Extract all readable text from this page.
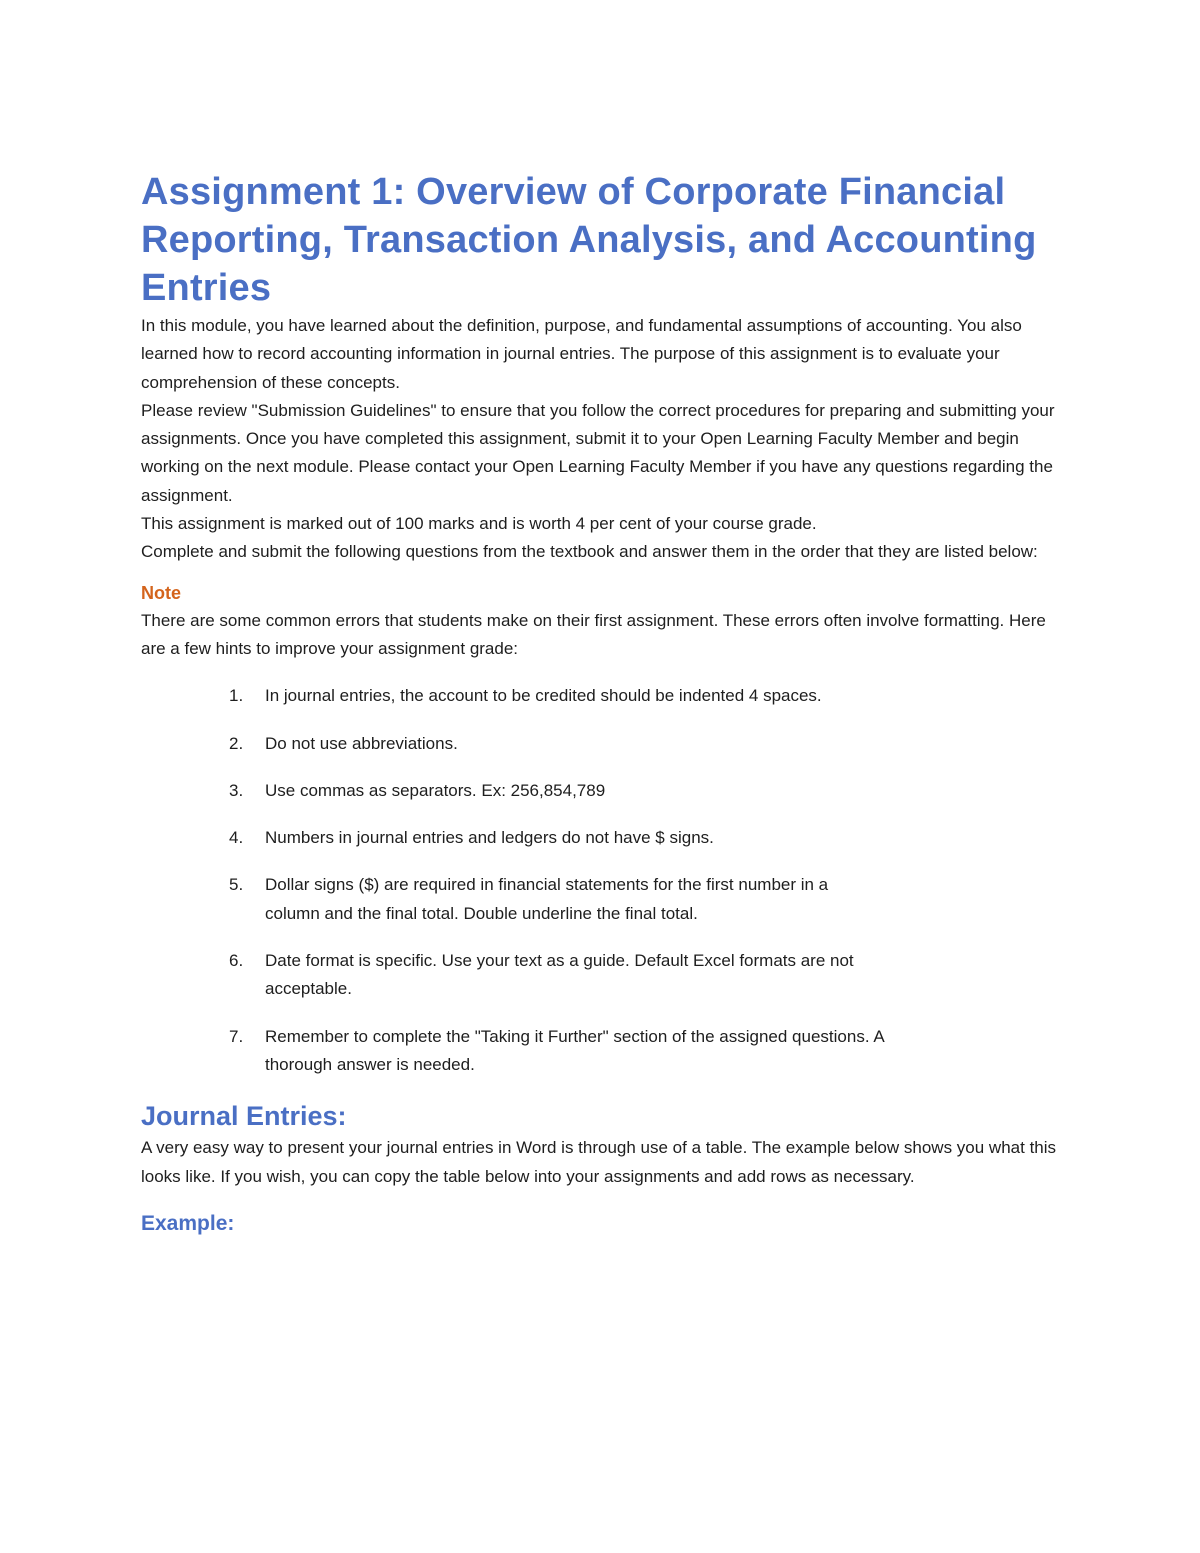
Assignment 1: Overview of Corporate Financial Reporting, Transaction Analysis, and Accounting Entries

In this module, you have learned about the definition, purpose, and fundamental assumptions of accounting. You also learned how to record accounting information in journal entries. The purpose of this assignment is to evaluate your comprehension of these concepts.

Please review "Submission Guidelines" to ensure that you follow the correct procedures for preparing and submitting your assignments. Once you have completed this assignment, submit it to your Open Learning Faculty Member and begin working on the next module. Please contact your Open Learning Faculty Member if you have any questions regarding the assignment.

This assignment is marked out of 100 marks and is worth 4 per cent of your course grade.

Complete and submit the following questions from the textbook and answer them in the order that they are listed below:

Note

There are some common errors that students make on their first assignment. These errors often involve formatting. Here are a few hints to improve your assignment grade:

1. In journal entries, the account to be credited should be indented 4 spaces.
2. Do not use abbreviations.
3. Use commas as separators. Ex: 256,854,789
4. Numbers in journal entries and ledgers do not have $ signs.
5. Dollar signs ($) are required in financial statements for the first number in a column and the final total. Double underline the final total.
6. Date format is specific. Use your text as a guide. Default Excel formats are not acceptable.
7. Remember to complete the "Taking it Further" section of the assigned questions. A thorough answer is needed.
Journal Entries:

A very easy way to present your journal entries in Word is through use of a table. The example below shows you what this looks like. If you wish, you can copy the table below into your assignments and add rows as necessary.

Example:
